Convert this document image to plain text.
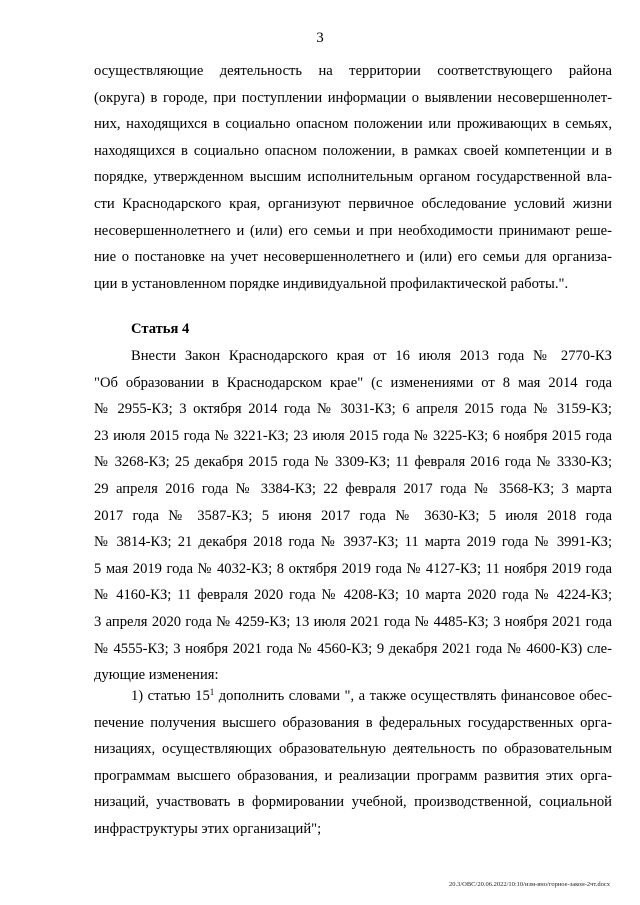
3
осуществляющие деятельность на территории соответствующего района
(округа) в городе, при поступлении информации о выявлении несовершеннолет-
них, находящихся в социально опасном положении или проживающих в семьях,
находящихся в социально опасном положении, в рамках своей компетенции и в
порядке, утвержденном высшим исполнительным органом государственной вла-
сти Краснодарского края, организуют первичное обследование условий жизни
несовершеннолетнего и (или) его семьи и при необходимости принимают реше-
ние о постановке на учет несовершеннолетнего и (или) его семьи для организа-
ции в установленном порядке индивидуальной профилактической работы.".
Статья 4
Внести Закон Краснодарского края от 16 июля 2013 года № 2770-КЗ
"Об образовании в Краснодарском крае" (с изменениями от 8 мая 2014 года
№ 2955-КЗ; 3 октября 2014 года № 3031-КЗ; 6 апреля 2015 года № 3159-КЗ;
23 июля 2015 года № 3221-КЗ; 23 июля 2015 года № 3225-КЗ; 6 ноября 2015 года
№ 3268-КЗ; 25 декабря 2015 года № 3309-КЗ; 11 февраля 2016 года № 3330-КЗ;
29 апреля 2016 года № 3384-КЗ; 22 февраля 2017 года № 3568-КЗ; 3 марта
2017 года № 3587-КЗ; 5 июня 2017 года № 3630-КЗ; 5 июля 2018 года
№ 3814-КЗ; 21 декабря 2018 года № 3937-КЗ; 11 марта 2019 года № 3991-КЗ;
5 мая 2019 года № 4032-КЗ; 8 октября 2019 года № 4127-КЗ; 11 ноября 2019 года
№ 4160-КЗ; 11 февраля 2020 года № 4208-КЗ; 10 марта 2020 года № 4224-КЗ;
3 апреля 2020 года № 4259-КЗ; 13 июля 2021 года № 4485-КЗ; 3 ноября 2021 года
№ 4555-КЗ; 3 ноября 2021 года № 4560-КЗ; 9 декабря 2021 года № 4600-КЗ) сле-
дующие изменения:
1) статью $15^1$ дополнить словами ", а также осуществлять финансовое обес-
печение получения высшего образования в федеральных государственных орга-
низациях, осуществляющих образовательную деятельность по образовательным
программам высшего образования, и реализации программ развития этих орга-
низаций, участвовать в формировании учебной, производственной, социальной
инфраструктуры этих организаций";
20.3/ОВС/20.06.2022/10:10/изм-вно/горное-закон-2чт.docx
